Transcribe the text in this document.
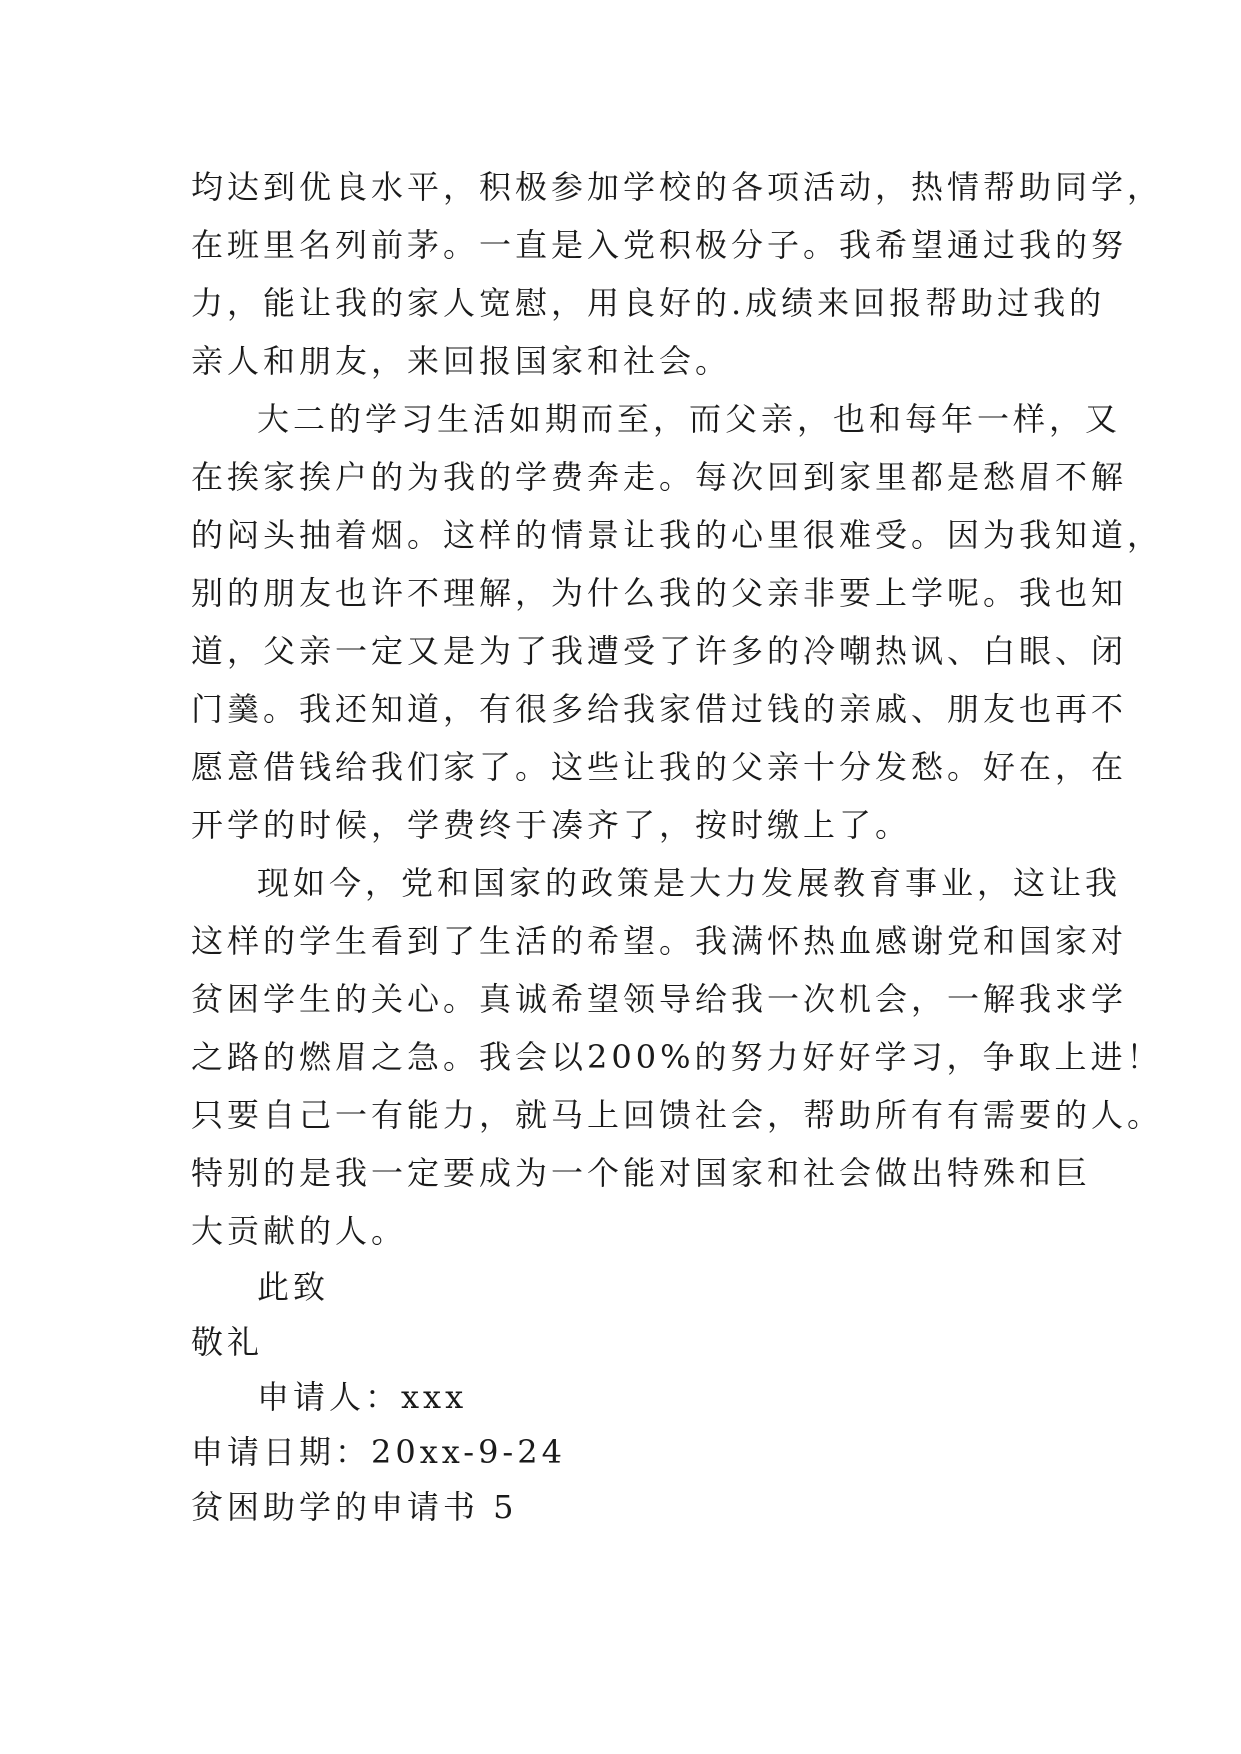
均达到优良水平，积极参加学校的各项活动，热情帮助同学，
在班里名列前茅。一直是入党积极分子。我希望通过我的努
力，能让我的家人宽慰，用良好的.成绩来回报帮助过我的
亲人和朋友，来回报国家和社会。
大二的学习生活如期而至，而父亲，也和每年一样，又
在挨家挨户的为我的学费奔走。每次回到家里都是愁眉不解
的闷头抽着烟。这样的情景让我的心里很难受。因为我知道，
别的朋友也许不理解，为什么我的父亲非要上学呢。我也知
道，父亲一定又是为了我遭受了许多的冷嘲热讽、白眼、闭
门羹。我还知道，有很多给我家借过钱的亲戚、朋友也再不
愿意借钱给我们家了。这些让我的父亲十分发愁。好在，在
开学的时候，学费终于凑齐了，按时缴上了。
现如今，党和国家的政策是大力发展教育事业，这让我
这样的学生看到了生活的希望。我满怀热血感谢党和国家对
贫困学生的关心。真诚希望领导给我一次机会，一解我求学
之路的燃眉之急。我会以200%的努力好好学习，争取上进！
只要自己一有能力，就马上回馈社会，帮助所有有需要的人。
特别的是我一定要成为一个能对国家和社会做出特殊和巨
大贡献的人。
此致
敬礼
申请人：xxx
申请日期：20xx-9-24
贫困助学的申请书 5
